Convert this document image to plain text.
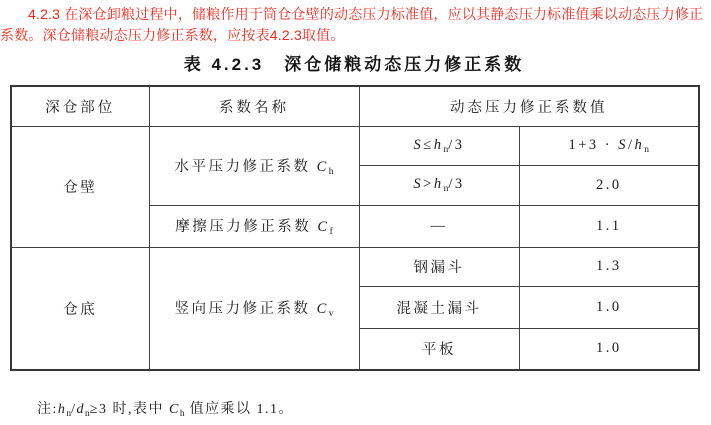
4.2.3 在深仓卸粮过程中，储粮作用于筒仓仓壁的动态压力标准值，应以其静态压力标准值乘以动态压力修正系数。深仓储粮动态压力修正系数，应按表4.2.3取值。
表 4.2.3　深仓储粮动态压力修正系数
深仓部位	系数名称	动态压力修正系数值	
仓壁	水平压力修正系数 $C_h$	$S\le h_n/3$	$1+3 \cdot S/h_n$
		$S>h_n/3$	2.0
	摩擦压力修正系数 $C_f$	—	1.1
仓底	竖向压力修正系数 $C_v$	钢漏斗	1.3
		混凝土漏斗	1.0
		平板	1.0
注$:h_n/d_n\ge 3$ 时,表中 $C_h$ 值应乘以 1.1。
